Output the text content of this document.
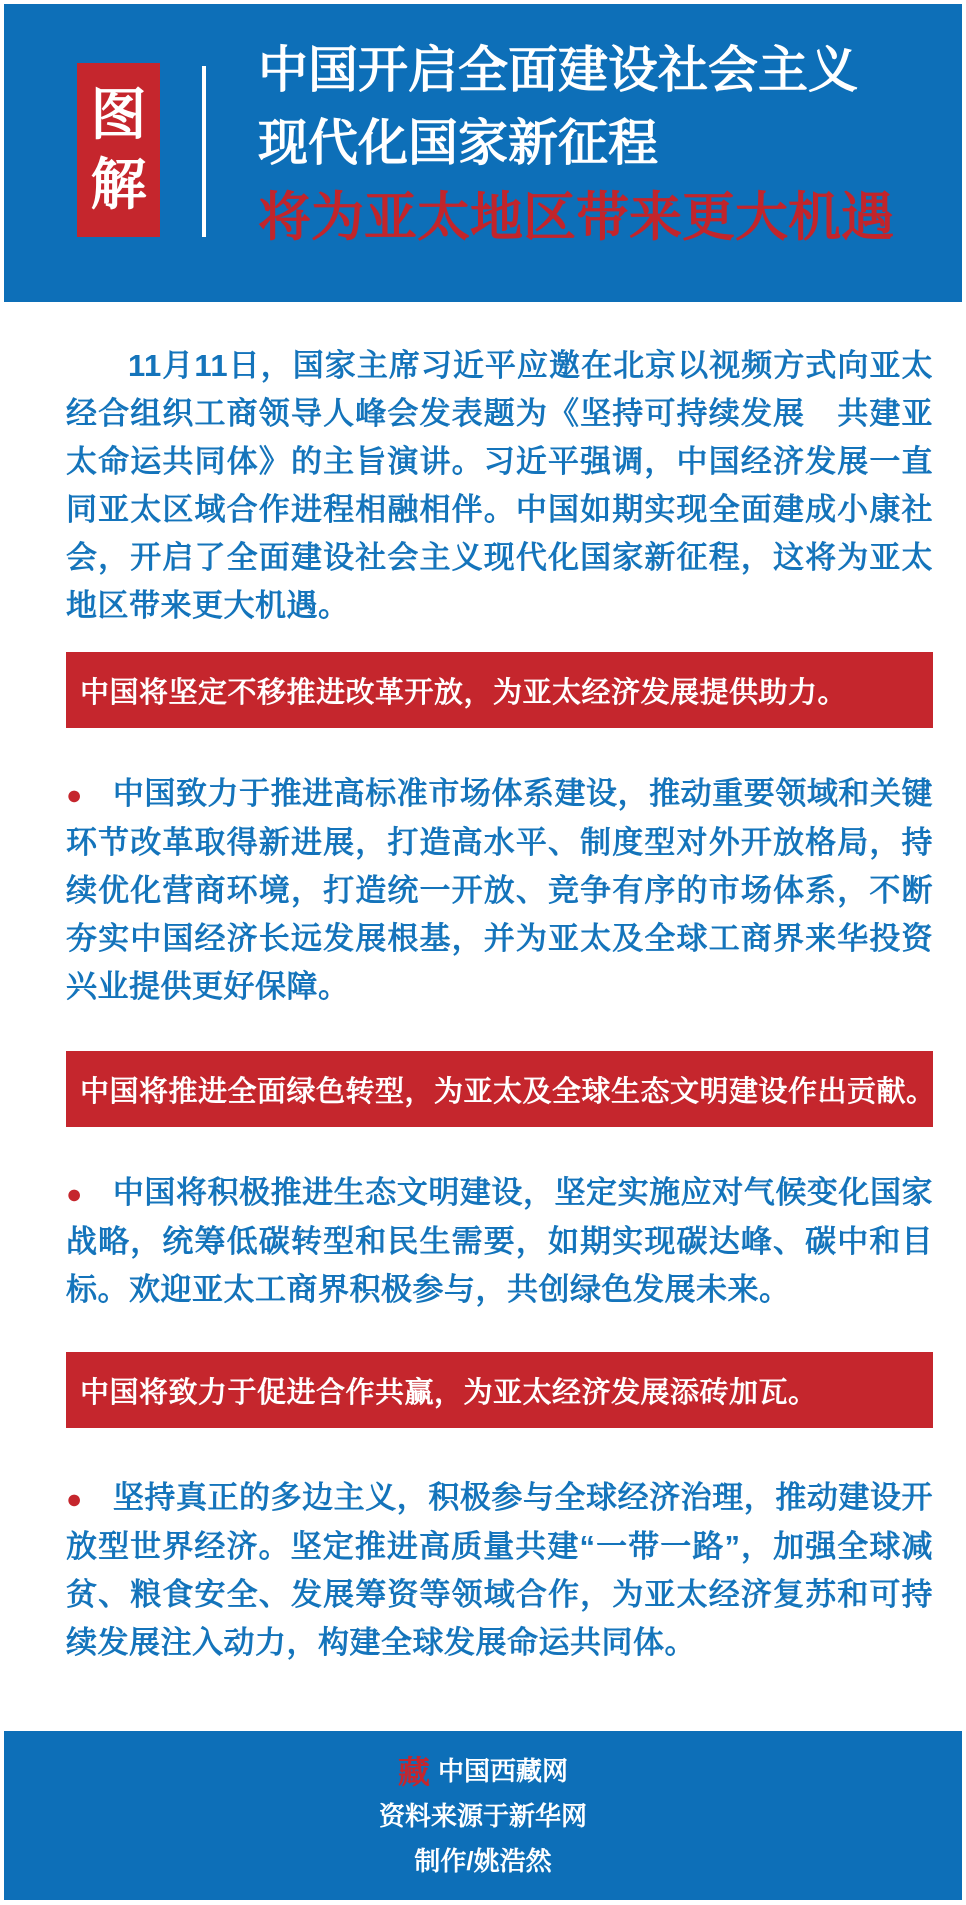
图
解

中国开启全面建设社会主义

现代化国家新征程

将为亚太地区带来更大机遇

11月11日，国家主席习近平应邀在北京以视频方式向亚太经合组织工商领导人峰会发表题为《坚持可持续发展　共建亚太命运共同体》的主旨演讲。习近平强调，中国经济发展一直同亚太区域合作进程相融相伴。中国如期实现全面建成小康社会，开启了全面建设社会主义现代化国家新征程，这将为亚太地区带来更大机遇。

中国将坚定不移推进改革开放，为亚太经济发展提供助力。

● 中国致力于推进高标准市场体系建设，推动重要领域和关键环节改革取得新进展，打造高水平、制度型对外开放格局，持续优化营商环境，打造统一开放、竞争有序的市场体系，不断夯实中国经济长远发展根基，并为亚太及全球工商界来华投资兴业提供更好保障。

中国将推进全面绿色转型，为亚太及全球生态文明建设作出贡献。

● 中国将积极推进生态文明建设，坚定实施应对气候变化国家战略，统筹低碳转型和民生需要，如期实现碳达峰、碳中和目标。欢迎亚太工商界积极参与，共创绿色发展未来。

中国将致力于促进合作共赢，为亚太经济发展添砖加瓦。

● 坚持真正的多边主义，积极参与全球经济治理，推动建设开放型世界经济。坚定推进高质量共建“一带一路”，加强全球减贫、粮食安全、发展筹资等领域合作，为亚太经济复苏和可持续发展注入动力，构建全球发展命运共同体。

藏 中国西藏网
资料来源于新华网
制作/姚浩然
